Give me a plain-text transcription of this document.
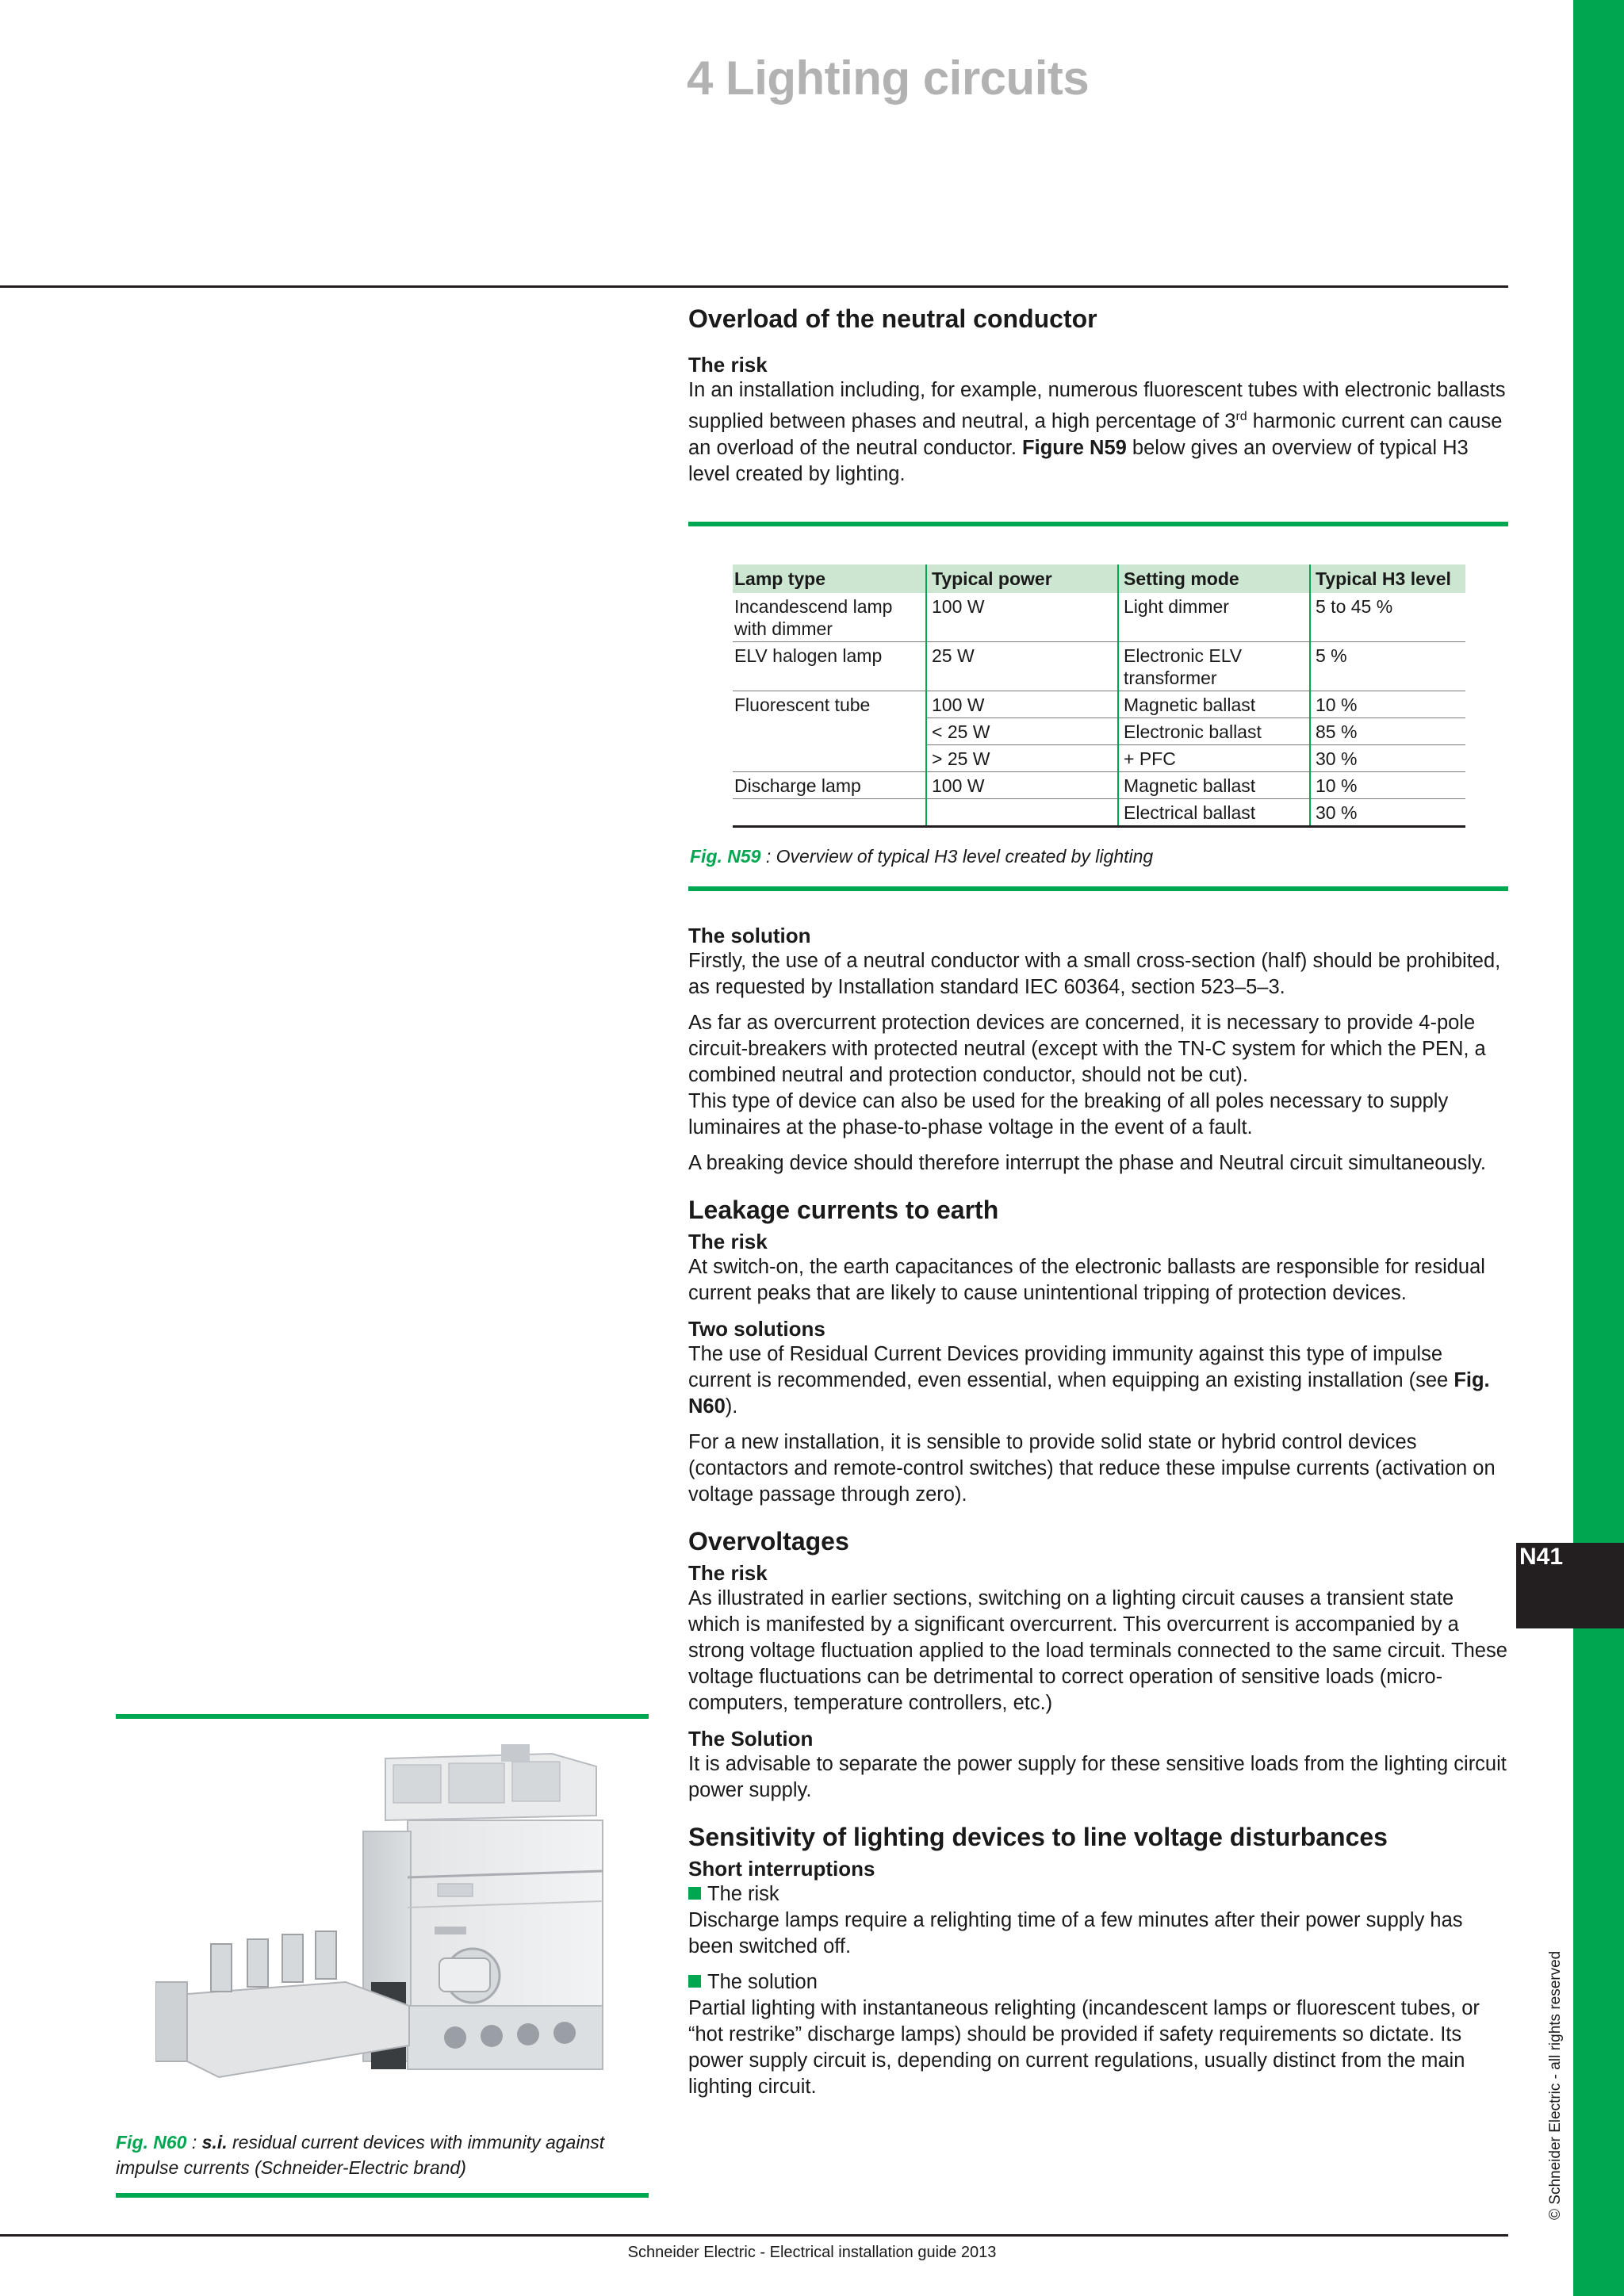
N41
© Schneider Electric - all rights reserved
4 Lighting circuits
Overload of the neutral conductor
The risk

In an installation including, for example, numerous fluorescent tubes with electronic ballasts supplied between phases and neutral, a high percentage of 3rd harmonic current can cause an overload of the neutral conductor. Figure N59 below gives an overview of typical H3 level created by lighting.

Lamp type	Typical power	Setting mode	Typical H3 level
Incandescend lamp with dimmer	100 W	Light dimmer	5 to 45 %
ELV halogen lamp	25 W	Electronic ELV transformer	5 %
Fluorescent tube	100 W	Magnetic ballast	10 %
	< 25 W	Electronic ballast	85 %
	> 25 W	+ PFC	30 %
Discharge lamp	100 W	Magnetic ballast	10 %
		Electrical ballast	30 %
Fig. N59 : Overview of typical H3 level created by lighting
The solution

Firstly, the use of a neutral conductor with a small cross-section (half) should be prohibited, as requested by Installation standard IEC 60364, section 523–5–3.

As far as overcurrent protection devices are concerned, it is necessary to provide 4-pole circuit-breakers with protected neutral (except with the TN-C system for which the PEN, a combined neutral and protection conductor, should not be cut).

This type of device can also be used for the breaking of all poles necessary to supply luminaires at the phase-to-phase voltage in the event of a fault.

A breaking device should therefore interrupt the phase and Neutral circuit simultaneously.

Leakage currents to earth
The risk

At switch-on, the earth capacitances of the electronic ballasts are responsible for residual current peaks that are likely to cause unintentional tripping of protection devices.

Two solutions

The use of Residual Current Devices providing immunity against this type of impulse current is recommended, even essential, when equipping an existing installation (see Fig. N60).

For a new installation, it is sensible to provide solid state or hybrid control devices (contactors and remote-control switches) that reduce these impulse currents (activation on voltage passage through zero).

Overvoltages
The risk

As illustrated in earlier sections, switching on a lighting circuit causes a transient state which is manifested by a significant overcurrent. This overcurrent is accompanied by a strong voltage fluctuation applied to the load terminals connected to the same circuit. These voltage fluctuations can be detrimental to correct operation of sensitive loads (micro-computers, temperature controllers, etc.)

The Solution

It is advisable to separate the power supply for these sensitive loads from the lighting circuit power supply.

Sensitivity of lighting devices to line voltage disturbances
Short interruptions

The risk

Discharge lamps require a relighting time of a few minutes after their power supply has been switched off.

The solution

Partial lighting with instantaneous relighting (incandescent lamps or fluorescent tubes, or “hot restrike” discharge lamps) should be provided if safety requirements so dictate. Its power supply circuit is, depending on current regulations, usually distinct from the main lighting circuit.

Fig. N60 : s.i. residual current devices with immunity against impulse currents (Schneider-Electric brand)
Schneider Electric - Electrical installation guide 2013
